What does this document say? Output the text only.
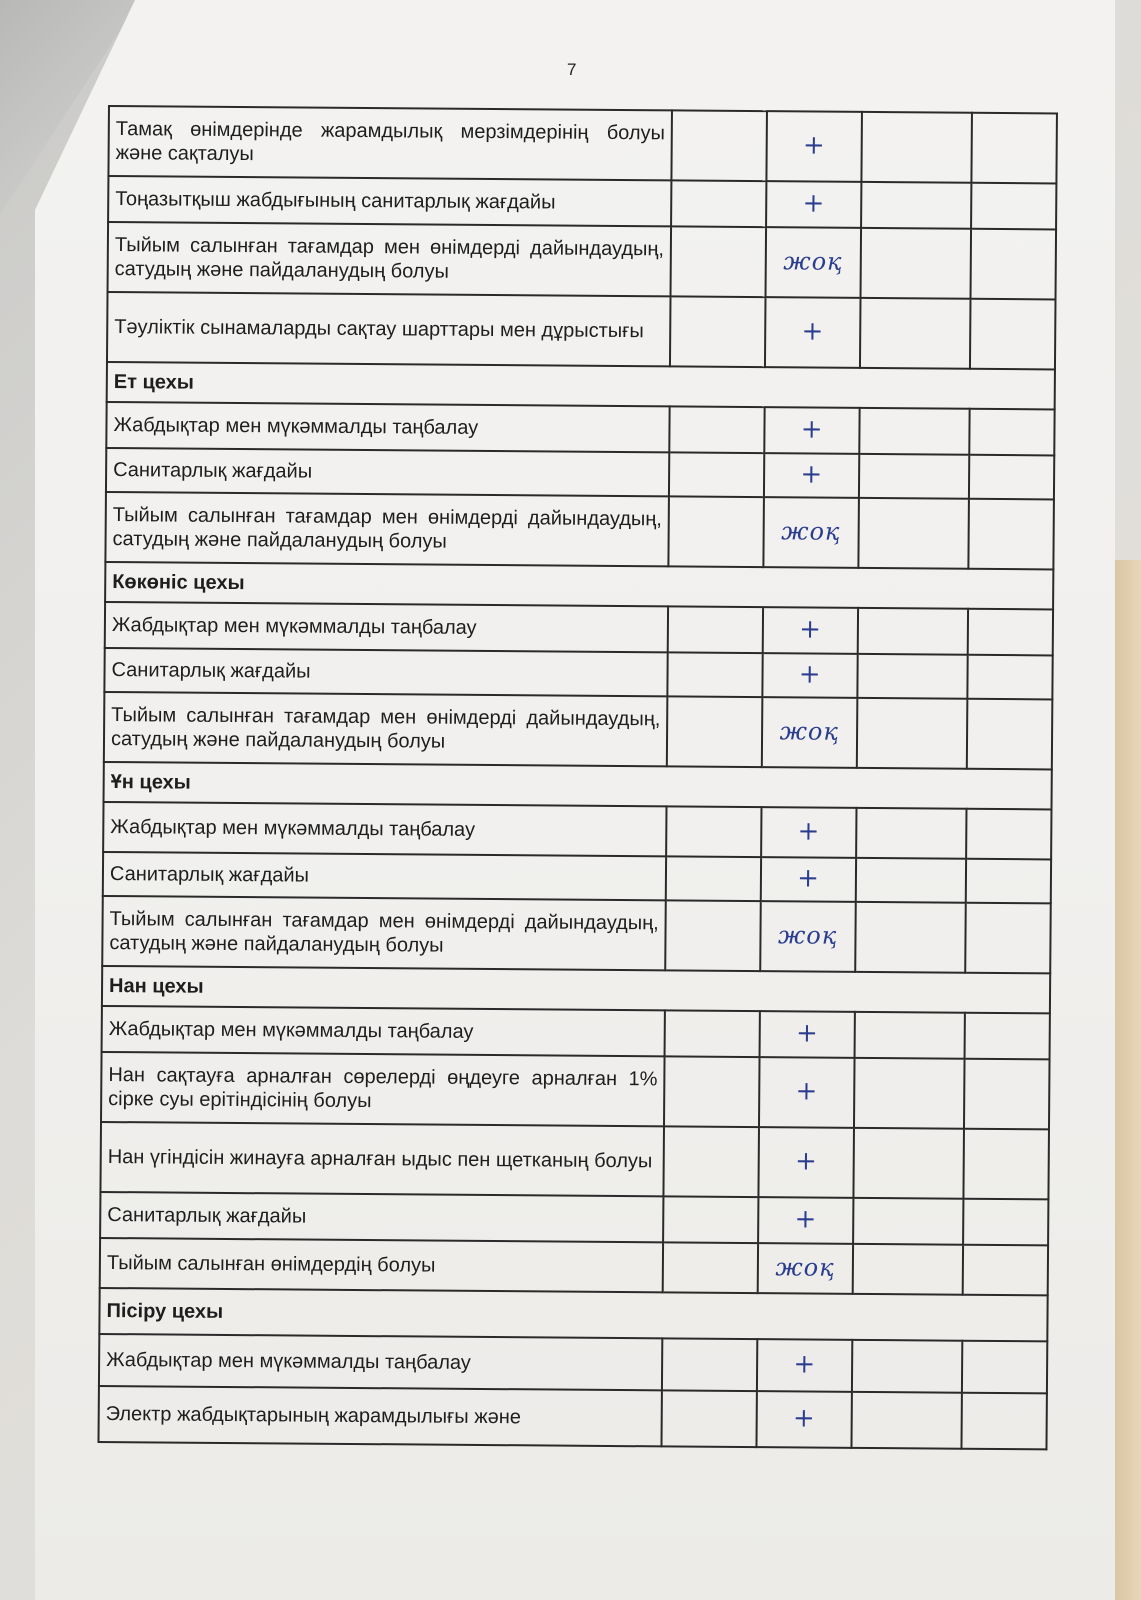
7
Тамақ өнімдерінде жарамдылық мерзімдерінің болуы және сақталуы		+		
Тоңазытқыш жабдығының санитарлық жағдайы		+		
Тыйым салынған тағамдар мен өнімдерді дайындаудың, сатудың және пайдаланудың болуы		жоқ		
Тәуліктік сынамаларды сақтау шарттары мен дұрыстығы		+		
Ет цехы				
Жабдықтар мен мүкәммалды таңбалау		+		
Санитарлық жағдайы		+		
Тыйым салынған тағамдар мен өнімдерді дайындаудың, сатудың және пайдаланудың болуы		жоқ		
Көкөніс цехы				
Жабдықтар мен мүкәммалды таңбалау		+		
Санитарлық жағдайы		+		
Тыйым салынған тағамдар мен өнімдерді дайындаудың, сатудың және пайдаланудың болуы		жоқ		
Ұн цехы				
Жабдықтар мен мүкәммалды таңбалау		+		
Санитарлық жағдайы		+		
Тыйым салынған тағамдар мен өнімдерді дайындаудың, сатудың және пайдаланудың болуы		жоқ		
Нан цехы				
Жабдықтар мен мүкәммалды таңбалау		+		
Нан сақтауға арналған сөрелерді өңдеуге арналған 1% сірке суы ерітіндісінің болуы		+		
Нан үгіндісін жинауға арналған ыдыс пен щетканың болуы		+		
Санитарлық жағдайы		+		
Тыйым салынған өнімдердің болуы		жоқ		
Пісіру цехы				
Жабдықтар мен мүкәммалды таңбалау		+		
Электр жабдықтарының жарамдылығы және		+		
